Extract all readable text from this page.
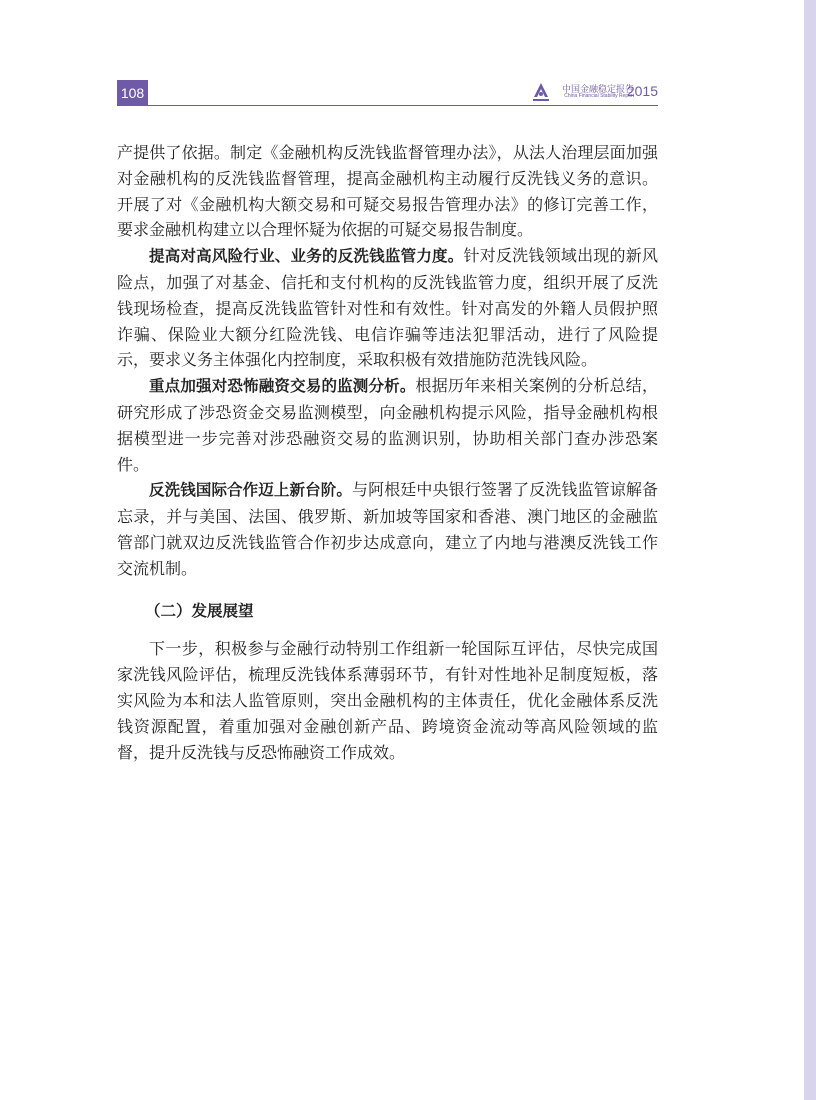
108	中国金融稳定报告
China Financial Stability Report
2015

产提供了依据。制定《金融机构反洗钱监督管理办法》，从法人治理层面加强对金融机构的反洗钱监督管理，提高金融机构主动履行反洗钱义务的意识。开展了对《金融机构大额交易和可疑交易报告管理办法》的修订完善工作，要求金融机构建立以合理怀疑为依据的可疑交易报告制度。

提高对高风险行业、业务的反洗钱监管力度。针对反洗钱领域出现的新风险点，加强了对基金、信托和支付机构的反洗钱监管力度，组织开展了反洗钱现场检查，提高反洗钱监管针对性和有效性。针对高发的外籍人员假护照诈骗、保险业大额分红险洗钱、电信诈骗等违法犯罪活动，进行了风险提示，要求义务主体强化内控制度，采取积极有效措施防范洗钱风险。

重点加强对恐怖融资交易的监测分析。根据历年来相关案例的分析总结，研究形成了涉恐资金交易监测模型，向金融机构提示风险，指导金融机构根据模型进一步完善对涉恐融资交易的监测识别，协助相关部门查办涉恐案件。

反洗钱国际合作迈上新台阶。与阿根廷中央银行签署了反洗钱监管谅解备忘录，并与美国、法国、俄罗斯、新加坡等国家和香港、澳门地区的金融监管部门就双边反洗钱监管合作初步达成意向，建立了内地与港澳反洗钱工作交流机制。

（二）发展展望

下一步，积极参与金融行动特别工作组新一轮国际互评估，尽快完成国家洗钱风险评估，梳理反洗钱体系薄弱环节，有针对性地补足制度短板，落实风险为本和法人监管原则，突出金融机构的主体责任，优化金融体系反洗钱资源配置，着重加强对金融创新产品、跨境资金流动等高风险领域的监督，提升反洗钱与反恐怖融资工作成效。
